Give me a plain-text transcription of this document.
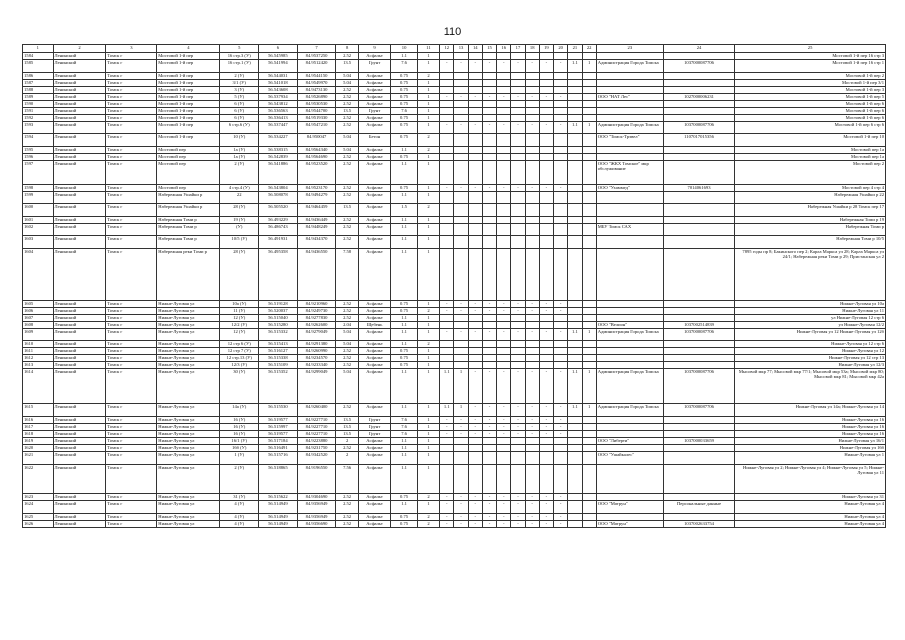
110
1	2	3	4	5	6	7	8	9	10	11	12	13	14	15	16	17	18	19	20	21	22	23	24	25
1584	Ленинский	Томск г	Мостовой 1-й пер	16 стр.3 (У)	56.545985	84.9537250	2.52	Асфальт	1.1	1														Мостовой 1-й пер 16 стр 3
1585	Ленинский	Томск г	Мостовой 1-й пер	16 стр.1 (У)	56.541994	84.9512420	13.5	Грунт	7.6	1	-	-	-	-	-	-	-	-	-	1.1	1	Администрация Города Томска	1037000087706	Мостовой 1-й пер 16 стр 1
1586	Ленинский	Томск г	Мостовой 1-й пер	2 (У)	56.544031	84.9544150	5.04	Асфальт	0.75	2														Мостовой 1-й пер 2
1587	Ленинский	Томск г	Мостовой 1-й пер	3/1 (У)	56.541018	84.9549970	5.04	Асфальт	0.75	1														Мостовой 1-й пер 3/1
1588	Ленинский	Томск г	Мостовой 1-й пер	3 (У)	56.543608	84.9473130	2.52	Асфальт	0.75	1														Мостовой 1-й пер 3
1589	Ленинский	Томск г	Мостовой 1-й пер	5 (У)	56.537934	84.9526890	2.52	Асфальт	0.75	1	-	-	-	-	-	-	-	-	-			ООО "НАТ Лес"	1027000006231	Мостовой 1-й пер 5
1590	Ленинский	Томск г	Мостовой 1-й пер	6 (У)	56.543812	84.9530530	2.52	Асфальт	0.75	1														Мостовой 1-й пер 6
1591	Ленинский	Томск г	Мостовой 1-й пер	6 (У)	56.536563	84.9544700	13.5	Грунт	7.6	1														Мостовой 1-й пер 6
1592	Ленинский	Томск г	Мостовой 1-й пер	6 (У)	56.536413	84.9519330	2.52	Асфальт	0.75	1														Мостовой 1-й пер 6
1593	Ленинский	Томск г	Мостовой 1-й пер	6 стр.6 (У)	56.537447	84.9547210	2.52	Асфальт	0.75	1	-	-	-	-	-	-	-	-	-	1.1	1	Администрация Города Томска	1037000087706	Мостовой 1-й пер 6 стр 6
1594	Ленинский	Томск г	Мостовой 1-й пер	10 (У)	56.534227	84.950047	5.04	Бетон	0.75	2												ООО "Томск-Трэвел"	1107017015356	Мостовой 1-й пер 10
1595	Ленинский	Томск г	Мостовой пер	1а (У)	56.538315	84.9564340	5.04	Асфальт	1.1	2														Мостовой пер 1а
1596	Ленинский	Томск г	Мостовой пер	1а (У)	56.542839	84.9564690	2.52	Асфальт	0.75	1														Мостовой пер 1а
1597	Ленинский	Томск г	Мостовой пер	2 (У)	56.541886	84.9523520	2.52	Асфальт	1.1	1												ООО "ЖКХ Томское" мкр обслуживание		Мостовой пер 2
1598	Ленинский	Томск г	Мостовой пер	4 стр.4 (У)	56.543804	84.9523170	2.52	Асфальт	0.75	1	-	-	-	-	-	-	-	-	-			ООО "Ухаммед"	7014061693	Мостовой пер 4 стр 4
1599	Ленинский	Томск г	Набережная Ушайки р	22	56.508078	84.9494279	2.52	Асфальт	1.1	1														Набережная Ушайки р 22
1600	Ленинский	Томск г	Набережная Ушайки р	28 (У)	56.505520	84.9464459	13.5	Асфальт	1.5	2														Набережная Ушайки р 28 Томск пер 17
1601	Ленинский	Томск г	Набережная Томи р	19 (У)	56.493229	84.9436449	2.52	Асфальт	1.1	1														Набережная Томи р 19
1602	Ленинский	Томск г	Набережная Томи р	(У)	56.486743	84.9448249	2.52	Асфальт	1.1	1												МБУ Томск САХ		Набережная Томи р
1603	Ленинский	Томск г	Набережная Томи р	10/5 (У)	56.491931	84.9434370	2.52	Асфальт	1.1	1														Набережная Томи р 10/5
1604	Ленинский	Томск г	Набережная реки Томи р	28 (У)	56.495358	84.9436550	7.58	Асфальт	1.1	1														7895 годы пр 8; Бакинского пер 2; Карла Маркса ул 28; Карла Маркса ул 24/1; Набережная реки Томи р 29; Пристанская ул 2
1605	Ленинский	Томск г	Нижне-Луговая ул	10а (У)	56.519128	84.9210960	2.52	Асфальт	0.75	1	-	-	-	-	-	-	-	-	-					Нижне-Луговая ул 10а
1606	Ленинский	Томск г	Нижне-Луговая ул	11 (У)	56.520037	84.9249730	2.52	Асфальт	0.75	2	-	-	-	-	-	-	-	-	-					Нижне-Луговая ул 11
1607	Ленинский	Томск г	Нижне-Луговая ул	12 (У)	56.515040	84.9277830	2.52	Асфальт	1.1	1														ул Нижне-Луговая 12 стр 6
1608	Ленинский	Томск г	Нижне-Луговая ул	12/2 (У)	56.515280	84.9262600	2.04	Щебень	1.1	1												ООО "Велион"	1037002514839	ул Нижне-Луговая 12/2
1609	Ленинский	Томск г	Нижне-Луговая ул	12 (У)	56.515332	84.9279049	5.04	Асфальт	1.1	1	-	-	-	-	-	-	-	-	-	1.1	1	Администрация Города Томска	1037000087706	Нижне-Луговая ул 12 Нижне-Луговая ул 12б
1610	Ленинский	Томск г	Нижне-Луговая ул	12 стр 6 (У)	56.515413	84.9291380	5.04	Асфальт	1.1	2														Нижне-Луговая ул 12 стр 6
1611	Ленинский	Томск г	Нижне-Луговая ул	12 стр 7 (У)	56.516127	84.9260990	2.52	Асфальт	0.75	1														Нижне-Луговая ул 12
1612	Ленинский	Томск г	Нижне-Луговая ул	12 стр.13 (У)	56.515338	84.9234570	2.52	Асфальт	0.75	1														Нижне-Луговая ул 12 стр 13
1613	Ленинский	Томск г	Нижне-Луговая ул	12/3 (У)	56.515109	84.9233340	2.52	Асфальт	0.75	1														Нижне-Луговая ул 12/3
1614	Ленинский	Томск г	Нижне-Луговая ул	30 (У)	56.515352	84.9299049	5.04	Асфальт	1.1	1	1.1	1	-	-	-	-	-	-	-	1.1	1	Администрация Города Томска	1037000087706	Мысовой мкр 77; Мысовой мкр 77/1; Мысовой мкр 53а; Мысовой мкр 80; Мысовой мкр 81; Мысовой мкр 42а
1615	Ленинский	Томск г	Нижне-Луговая ул	14а (У)	56.515530	84.9260400	2.52	Асфальт	1.1	1	1.1	1	-	-	-	-	-	-	-	1.1	1	Администрация Города Томска	1037000087706	Нижне-Луговая ул 14а; Нижне-Луговая ул 14
1616	Ленинский	Томск г	Нижне-Луговая ул	16 (У)	56.519577	84.9227710	13.5	Грунт	7.6	1	-	-	-	-	-	-	-	-	-					Нижне-Луговая ул 16
1617	Ленинский	Томск г	Нижне-Луговая ул	16 (У)	56.515997	84.9227710	13.5	Грунт	7.6	1	-	-	-	-	-	-	-	-	-					Нижне-Луговая ул 16
1618	Ленинский	Томск г	Нижне-Луговая ул	16 (У)	56.519577	84.9227710	13.5	Грунт	7.6	1	-	-	-	-	-	-	-	-	-					Нижне-Луговая ул 16
1619	Ленинский	Томск г	Нижне-Луговая ул	16/1 (У)	56.517184	84.9223880	2	Асфальт	1.1	1												ООО "Либерти"	1037000033659	Нижне-Луговая ул 16/1
1620	Ленинский	Томск г	Нижне-Луговая ул	16б (У)	56.516491	84.9231750	2.52	Асфальт	1.1	1														Нижне-Луговая ул 16б
1621	Ленинский	Томск г	Нижне-Луговая ул	1 (У)	56.515716	84.9342520	2	Асфальт	1.1	1												ООО "Ушайкалес"		Нижне-Луговая ул 1
1622	Ленинский	Томск г	Нижне-Луговая ул	2 (У)	56.518865	84.9196550	7.56	Асфальт	1.1	1														Нижне-Луговая ул 2; Нижне-Луговая ул 4; Нижне-Луговая ул 5; Нижне-Луговая ул 11
1623	Ленинский	Томск г	Нижне-Луговая ул	31 (У)	56.515622	84.9304690	2.52	Асфальт	0.75	2	-	-	-	-	-	-	-	-	-					Нижне-Луговая ул 31
1624	Ленинский	Томск г	Нижне-Луговая ул	4 (У)	56.514949	84.9356949	2.52	Асфальт	1.1	1	-	-	-	-	-	-	-	-	-			ООО "Матрун"	Персональные данные	Нижне-Луговая ул 4
1625	Ленинский	Томск г	Нижне-Луговая ул	4 (У)	56.514949	84.9356949	2.52	Асфальт	0.75	2	-	-	-	-	-	-	-	-	-					Нижне-Луговая ул 4
1626	Ленинский	Томск г	Нижне-Луговая ул	4 (У)	56.514949	84.9356690	2.52	Асфальт	0.75	2	-	-	-	-	-	-	-	-	-			ООО "Матрун"	1037002633754	Нижне-Луговая ул 4
